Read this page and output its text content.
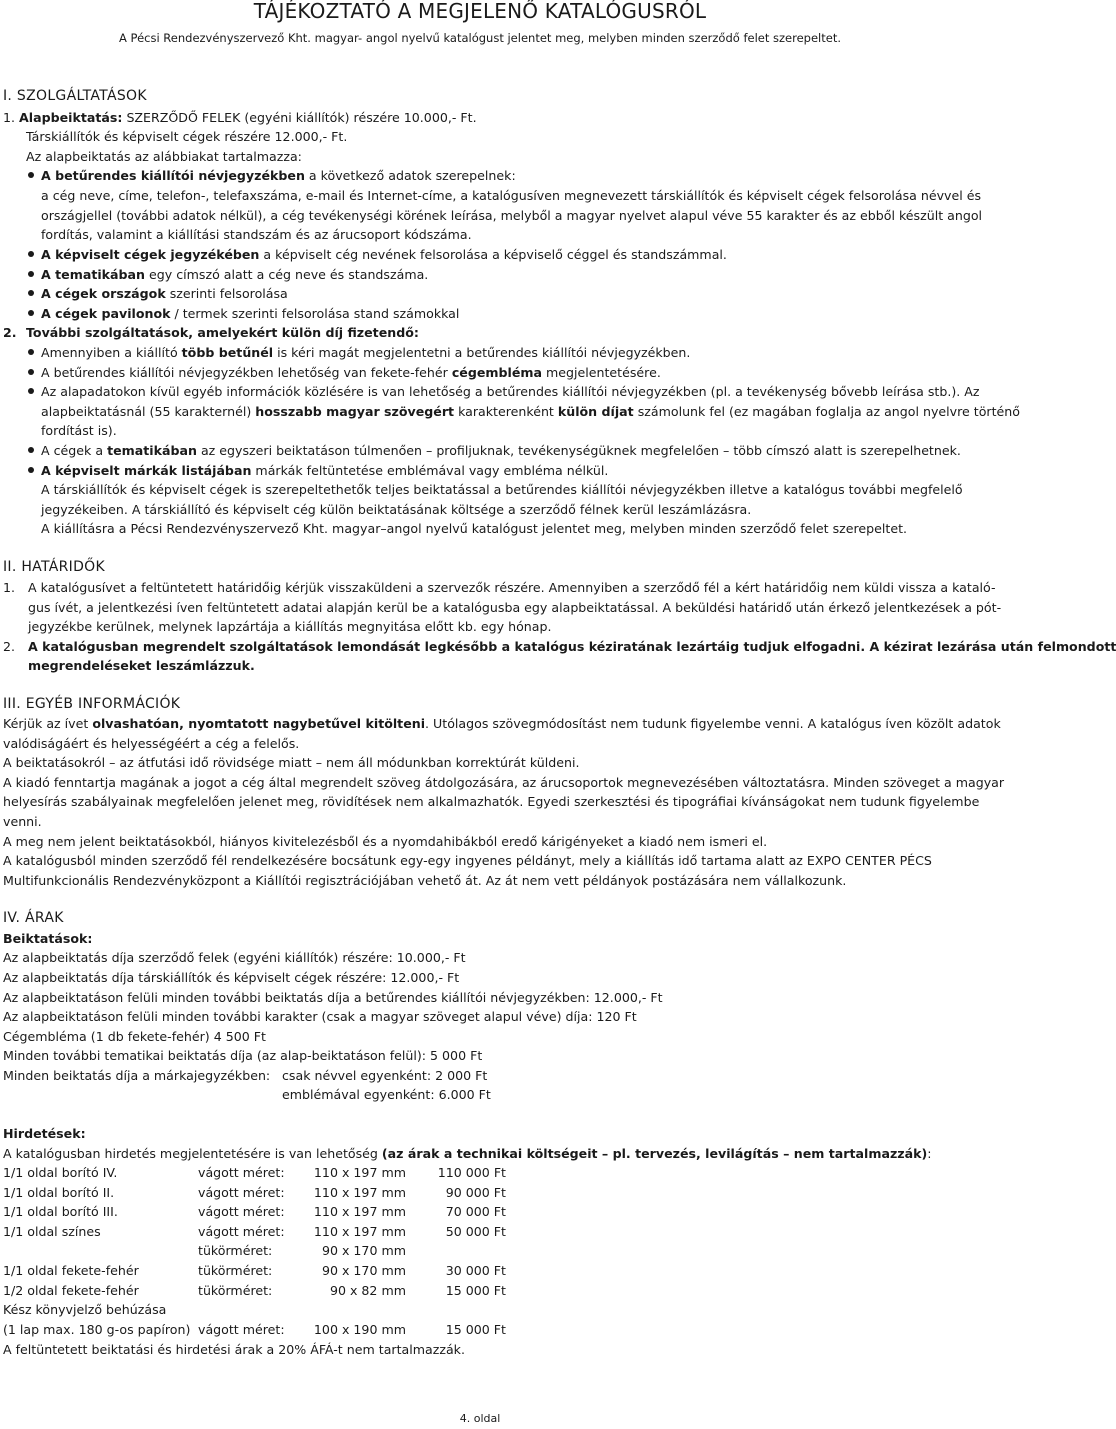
TÁJÉKOZTATÓ A MEGJELENŐ KATALÓGUSRÓL
A Pécsi Rendezvényszervező Kht. magyar- angol nyelvű katalógust jelentet meg, melyben minden szerződő felet szerepeltet.
I. SZOLGÁLTATÁSOK
1. Alapbeiktatás: SZERZŐDŐ FELEK (egyéni kiállítók) részére 10.000,- Ft.
Társkiállítók és képviselt cégek részére 12.000,- Ft.
Az alapbeiktatás az alábbiakat tartalmazza:
A betűrendes kiállítói névjegyzékben a következő adatok szerepelnek:
a cég neve, címe, telefon-, telefaxszáma, e-mail és Internet-címe, a katalógusíven megnevezett társkiállítók és képviselt cégek felsorolása névvel és
országjellel (további adatok nélkül), a cég tevékenységi körének leírása, melyből a magyar nyelvet alapul véve 55 karakter és az ebből készült angol
fordítás, valamint a kiállítási standszám és az árucsoport kódszáma.
A képviselt cégek jegyzékében a képviselt cég nevének felsorolása a képviselő céggel és standszámmal.
A tematikában egy címszó alatt a cég neve és standszáma.
A cégek országok szerinti felsorolása
A cégek pavilonok / termek szerinti felsorolása stand számokkal
2. További szolgáltatások, amelyekért külön díj fizetendő:
Amennyiben a kiállító több betűnél is kéri magát megjelentetni a betűrendes kiállítói névjegyzékben.
A betűrendes kiállítói névjegyzékben lehetőség van fekete-fehér cégembléma megjelentetésére.
Az alapadatokon kívül egyéb információk közlésére is van lehetőség a betűrendes kiállítói névjegyzékben (pl. a tevékenység bővebb leírása stb.). Az
alapbeiktatásnál (55 karakternél) hosszabb magyar szövegért karakterenként külön díjat számolunk fel (ez magában foglalja az angol nyelvre történő
fordítást is).
A cégek a tematikában az egyszeri beiktatáson túlmenően – profiljuknak, tevékenységüknek megfelelően – több címszó alatt is szerepelhetnek.
A képviselt márkák listájában márkák feltüntetése emblémával vagy embléma nélkül.
A társkiállítók és képviselt cégek is szerepeltethetők teljes beiktatással a betűrendes kiállítói névjegyzékben illetve a katalógus további megfelelő
jegyzékeiben. A társkiállító és képviselt cég külön beiktatásának költsége a szerződő félnek kerül leszámlázásra.
A kiállításra a Pécsi Rendezvényszervező Kht. magyar–angol nyelvű katalógust jelentet meg, melyben minden szerződő felet szerepeltet.
II. HATÁRIDŐK
1. A katalógusívet a feltüntetett határidőig kérjük visszaküldeni a szervezők részére. Amennyiben a szerződő fél a kért határidőig nem küldi vissza a kataló-
gus ívét, a jelentkezési íven feltüntetett adatai alapján kerül be a katalógusba egy alapbeiktatással. A beküldési határidő után érkező jelentkezések a pót-
jegyzékbe kerülnek, melynek lapzártája a kiállítás megnyitása előtt kb. egy hónap.
2. A katalógusban megrendelt szolgáltatások lemondását legkésőbb a katalógus kéziratának lezártáig tudjuk elfogadni. A kézirat lezárása után felmondott
megrendeléseket leszámlázzuk.
III. EGYÉB INFORMÁCIÓK
Kérjük az ívet olvashatóan, nyomtatott nagybetűvel kitölteni. Utólagos szövegmódosítást nem tudunk figyelembe venni. A katalógus íven közölt adatok
valódiságáért és helyességéért a cég a felelős.
A beiktatásokról – az átfutási idő rövidsége miatt – nem áll módunkban korrektúrát küldeni.
A kiadó fenntartja magának a jogot a cég által megrendelt szöveg átdolgozására, az árucsoportok megnevezésében változtatásra. Minden szöveget a magyar
helyesírás szabályainak megfelelően jelenet meg, rövidítések nem alkalmazhatók. Egyedi szerkesztési és tipográfiai kívánságokat nem tudunk figyelembe
venni.
A meg nem jelent beiktatásokból, hiányos kivitelezésből és a nyomdahibákból eredő kárigényeket a kiadó nem ismeri el.
A katalógusból minden szerződő fél rendelkezésére bocsátunk egy-egy ingyenes példányt, mely a kiállítás idő tartama alatt az EXPO CENTER PÉCS
Multifunkcionális Rendezvényközpont a Kiállítói regisztrációjában vehető át. Az át nem vett példányok postázására nem vállalkozunk.
IV. ÁRAK
Beiktatások:
Az alapbeiktatás díja szerződő felek (egyéni kiállítók) részére: 10.000,- Ft
Az alapbeiktatás díja társkiállítók és képviselt cégek részére: 12.000,- Ft
Az alapbeiktatáson felüli minden további beiktatás díja a betűrendes kiállítói névjegyzékben: 12.000,- Ft
Az alapbeiktatáson felüli minden további karakter (csak a magyar szöveget alapul véve) díja: 120 Ft
Cégembléma (1 db fekete-fehér) 4 500 Ft
Minden további tematikai beiktatás díja (az alap-beiktatáson felül): 5 000 Ft
Minden beiktatás díja a márkajegyzékben: csak névvel egyenként: 2 000 Ft
emblémával egyenként: 6.000 Ft
Hirdetések:
A katalógusban hirdetés megjelentetésére is van lehetőség (az árak a technikai költségeit – pl. tervezés, levilágítás – nem tartalmazzák):
1/1 oldal borító IV.	vágott méret:	110 x 197 mm	110 000 Ft
1/1 oldal borító II.	vágott méret:	110 x 197 mm	90 000 Ft
1/1 oldal borító III.	vágott méret:	110 x 197 mm	70 000 Ft
1/1 oldal színes	vágott méret:	110 x 197 mm	50 000 Ft
tükörméret:	90 x 170 mm
1/1 oldal fekete-fehér	tükörméret:	90 x 170 mm	30 000 Ft
1/2 oldal fekete-fehér	tükörméret:	90 x 82 mm	15 000 Ft
Kész könyvjelző behúzása
(1 lap max. 180 g-os papíron) vágott méret:	100 x 190 mm	15 000 Ft
A feltüntetett beiktatási és hirdetési árak a 20% ÁFÁ-t nem tartalmazzák.
4. oldal
